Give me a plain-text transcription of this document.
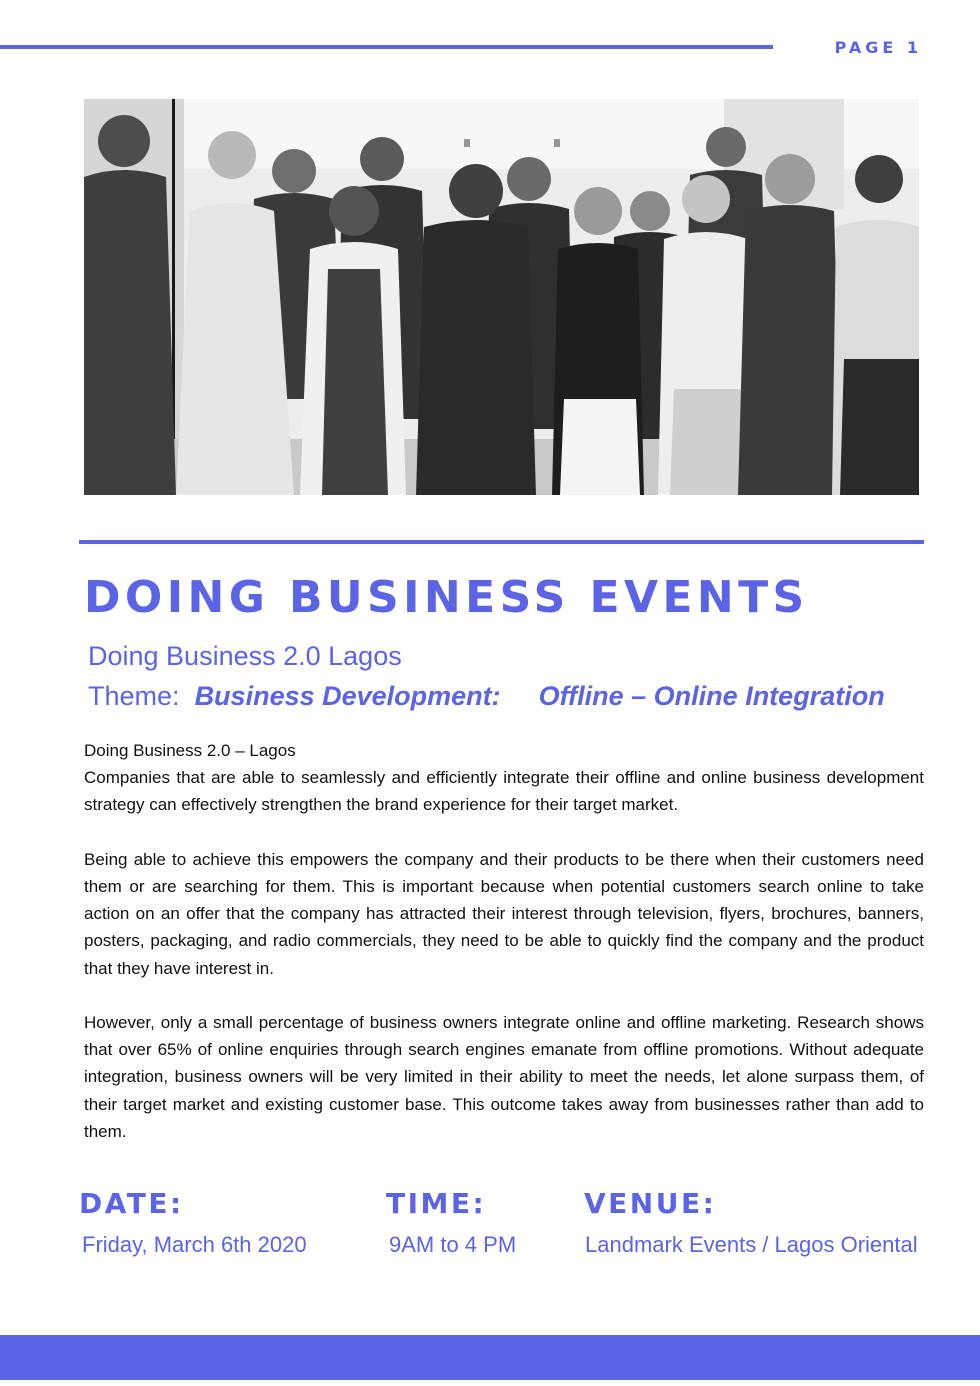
PAGE 1
DOING BUSINESS EVENTS
Doing Business 2.0 Lagos
Theme: Business Development: Offline – Online Integration
Doing Business 2.0 – Lagos

Companies that are able to seamlessly and efficiently integrate their offline and online business development strategy can effectively strengthen the brand experience for their target market.

Being able to achieve this empowers the company and their products to be there when their customers need them or are searching for them. This is important because when potential customers search online to take action on an offer that the company has attracted their interest through television, flyers, brochures, banners, posters, packaging, and radio commercials, they need to be able to quickly find the company and the product that they have interest in.

However, only a small percentage of business owners integrate online and offline marketing. Research shows that over 65% of online enquiries through search engines emanate from offline promotions. Without adequate integration, business owners will be very limited in their ability to meet the needs, let alone surpass them, of their target market and existing customer base. This outcome takes away from businesses rather than add to them.

DATE:
Friday, March 6th 2020
TIME:
9AM to 4 PM
VENUE:
Landmark Events / Lagos Oriental
